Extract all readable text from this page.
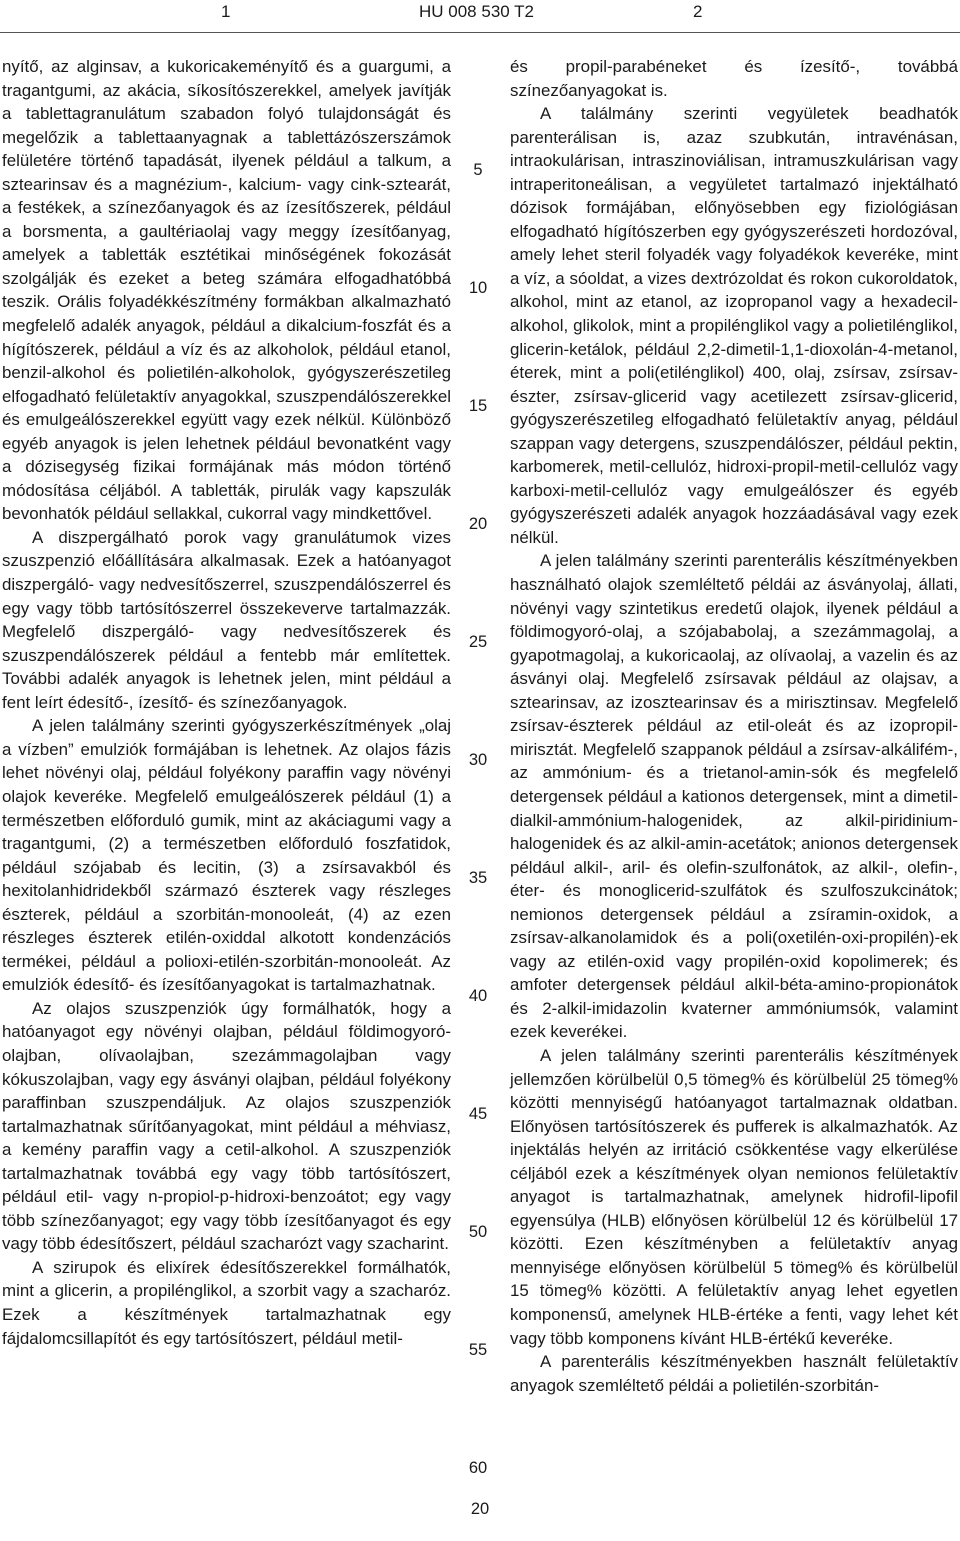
1	HU 008 530 T2	2

nyítő, az alginsav, a kukoricakeményítő és a guargumi, a tragantgumi, az akácia, síkosítószerekkel, amelyek javítják a tablettagranulátum szabadon folyó tulajdonságát és megelőzik a tablettaanyagnak a tablettázószerszámok felületére történő tapadását, ilyenek például a talkum, a sztearinsav és a magnézium-, kalcium- vagy cink-sztearát, a festékek, a színezőanyagok és az ízesítőszerek, például a borsmenta, a gaultériaolaj vagy meggy ízesítőanyag, amelyek a tabletták esztétikai minőségének fokozását szolgálják és ezeket a beteg számára elfogadhatóbbá teszik. Orális folyadékkészítmény formákban alkalmazható megfelelő adalék anyagok, például a dikalcium-foszfát és a hígítószerek, például a víz és az alkoholok, például etanol, benzil-alkohol és polietilén-alkoholok, gyógyszerészetileg elfogadható felületaktív anyagokkal, szuszpendálószerekkel és emulgeálószerekkel együtt vagy ezek nélkül. Különböző egyéb anyagok is jelen lehetnek például bevonatként vagy a dózisegység fizikai formájának más módon történő módosítása céljából. A tabletták, pirulák vagy kapszulák bevonhatók például sellakkal, cukorral vagy mindkettővel.

A diszpergálható porok vagy granulátumok vizes szuszpenzió előállítására alkalmasak. Ezek a hatóanyagot diszpergáló- vagy nedvesítőszerrel, szuszpendálószerrel és egy vagy több tartósítószerrel összekeverve tartalmazzák. Megfelelő diszpergáló- vagy nedvesítőszerek és szuszpendálószerek például a fentebb már említettek. További adalék anyagok is lehetnek jelen, mint például a fent leírt édesítő-, ízesítő- és színezőanyagok.

A jelen találmány szerinti gyógyszerkészítmények „olaj a vízben” emulziók formájában is lehetnek. Az olajos fázis lehet növényi olaj, például folyékony paraffin vagy növényi olajok keveréke. Megfelelő emulgeálószerek például (1) a természetben előforduló gumik, mint az akáciagumi vagy a tragantgumi, (2) a természetben előforduló foszfatidok, például szójabab és lecitin, (3) a zsírsavakból és hexitolanhidridekből származó észterek vagy részleges észterek, például a szorbitán-monooleát, (4) az ezen részleges észterek etilén-oxiddal alkotott kondenzációs termékei, például a polioxi-etilén-szorbitán-monooleát. Az emulziók édesítő- és ízesítőanyagokat is tartalmazhatnak.

Az olajos szuszpenziók úgy formálhatók, hogy a hatóanyagot egy növényi olajban, például földimogyoró-olajban, olívaolajban, szezámmagolajban vagy kókuszolajban, vagy egy ásványi olajban, például folyékony paraffinban szuszpendáljuk. Az olajos szuszpenziók tartalmazhatnak sűrítőanyagokat, mint például a méhviasz, a kemény paraffin vagy a cetil-alkohol. A szuszpenziók tartalmazhatnak továbbá egy vagy több tartósítószert, például etil- vagy n-propiol-p-hidroxi-benzoátot; egy vagy több színezőanyagot; egy vagy több ízesítőanyagot és egy vagy több édesítőszert, például szacharózt vagy szacharint.

A szirupok és elixírek édesítőszerekkel formálhatók, mint a glicerin, a propilénglikol, a szorbit vagy a szacharóz. Ezek a készítmények tartalmazhatnak egy fájdalomcsillapítót és egy tartósítószert, például metil-

5
10
15
20
25
30
35
40
45
50
55
60

és propil-parabéneket és ízesítő-, továbbá színezőanyagokat is.

A találmány szerinti vegyületek beadhatók parenterálisan is, azaz szubkután, intravénásan, intraokulárisan, intraszinoviálisan, intramuszkulárisan vagy intraperitoneálisan, a vegyületet tartalmazó injektálható dózisok formájában, előnyösebben egy fiziológiásan elfogadható hígítószerben egy gyógyszerészeti hordozóval, amely lehet steril folyadék vagy folyadékok keveréke, mint a víz, a sóoldat, a vizes dextrózoldat és rokon cukoroldatok, alkohol, mint az etanol, az izopropanol vagy a hexadecil-alkohol, glikolok, mint a propilénglikol vagy a polietilénglikol, glicerin-ketálok, például 2,2-dimetil-1,1-dioxolán-4-metanol, éterek, mint a poli(etilénglikol) 400, olaj, zsírsav, zsírsav-észter, zsírsav-glicerid vagy acetilezett zsírsav-glicerid, gyógyszerészetileg elfogadható felületaktív anyag, például szappan vagy detergens, szuszpendálószer, például pektin, karbomerek, metil-cellulóz, hidroxi-propil-metil-cellulóz vagy karboxi-metil-cellulóz vagy emulgeálószer és egyéb gyógyszerészeti adalék anyagok hozzáadásával vagy ezek nélkül.

A jelen találmány szerinti parenterális készítményekben használható olajok szemléltető példái az ásványolaj, állati, növényi vagy szintetikus eredetű olajok, ilyenek például a földimogyoró-olaj, a szójababolaj, a szezámmagolaj, a gyapotmagolaj, a kukoricaolaj, az olívaolaj, a vazelin és az ásványi olaj. Megfelelő zsírsavak például az olajsav, a sztearinsav, az izosztearinsav és a mirisztinsav. Megfelelő zsírsav-észterek például az etil-oleát és az izopropil-mirisztát. Megfelelő szappanok például a zsírsav-alkálifém-, az ammónium- és a trietanol-amin-sók és megfelelő detergensek például a kationos detergensek, mint a dimetil-dialkil-ammónium-halogenidek, az alkil-piridinium-halogenidek és az alkil-amin-acetátok; anionos detergensek például alkil-, aril- és olefin-szulfonátok, az alkil-, olefin-, éter- és monoglicerid-szulfátok és szulfoszukcinátok; nemionos detergensek például a zsíramin-oxidok, a zsírsav-alkanolamidok és a poli(oxetilén-oxi-propilén)-ek vagy az etilén-oxid vagy propilén-oxid kopolimerek; és amfoter detergensek például alkil-béta-amino-propionátok és 2-alkil-imidazolin kvaterner ammóniumsók, valamint ezek keverékei.

A jelen találmány szerinti parenterális készítmények jellemzően körülbelül 0,5 tömeg% és körülbelül 25 tömeg% közötti mennyiségű hatóanyagot tartalmaznak oldatban. Előnyösen tartósítószerek és pufferek is alkalmazhatók. Az injektálás helyén az irritáció csökkentése vagy elkerülése céljából ezek a készítmények olyan nemionos felületaktív anyagot is tartalmazhatnak, amelynek hidrofil-lipofil egyensúlya (HLB) előnyösen körülbelül 12 és körülbelül 17 közötti. Ezen készítményben a felületaktív anyag mennyisége előnyösen körülbelül 5 tömeg% és körülbelül 15 tömeg% közötti. A felületaktív anyag lehet egyetlen komponensű, amelynek HLB-értéke a fenti, vagy lehet két vagy több komponens kívánt HLB-értékű keveréke.

A parenterális készítményekben használt felületaktív anyagok szemléltető példái a polietilén-szorbitán-

20
